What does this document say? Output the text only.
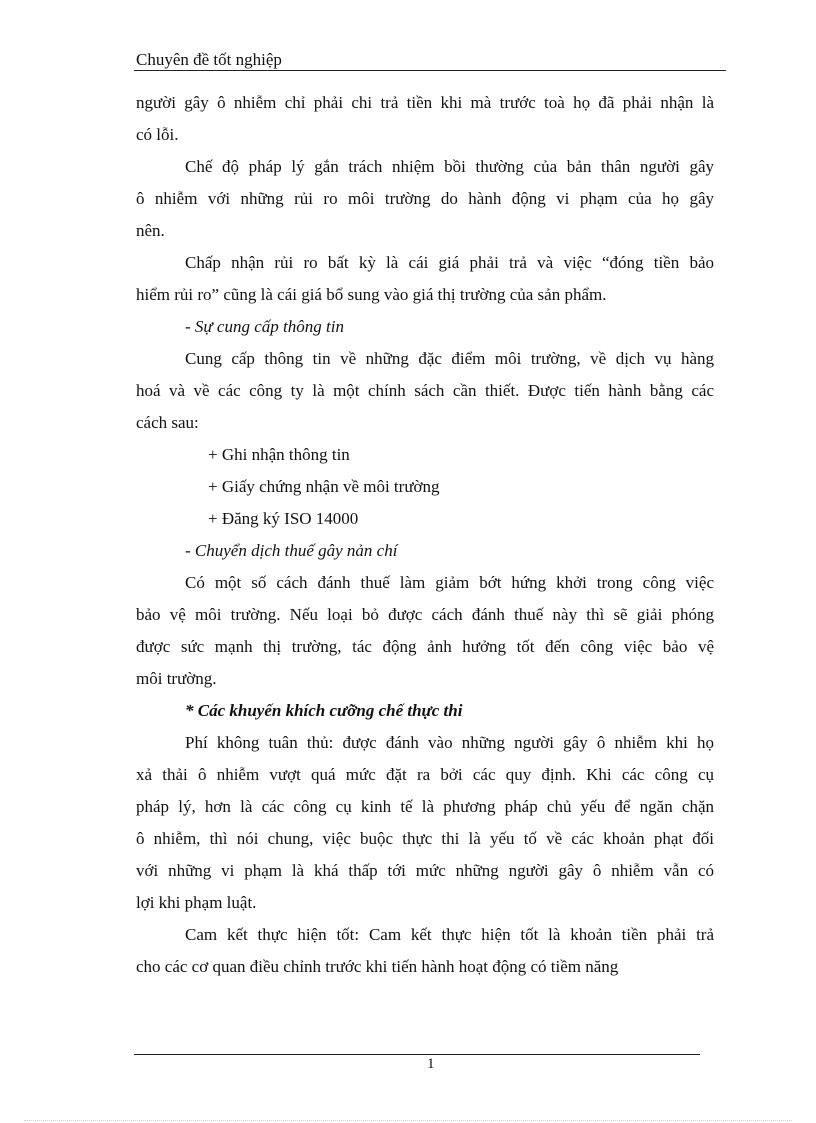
Chuyên đề tốt nghiệp
người gây ô nhiễm chỉ phải chi trả tiền khi mà trước toà họ đã phải nhận là
có lỗi.
Chế độ pháp lý gắn trách nhiệm bồi thường của bản thân người gây
ô nhiễm với những rủi ro môi trường do hành động vi phạm của họ gây
nên.
Chấp nhận rủi ro bất kỳ là cái giá phải trả và việc “đóng tiền bảo
hiểm rủi ro” cũng là cái giá bổ sung vào giá thị trường của sản phẩm.
- Sự cung cấp thông tin
Cung cấp thông tin về những đặc điểm môi trường, về dịch vụ hàng
hoá và về các công ty là một chính sách cần thiết. Được tiến hành bằng các
cách sau:
+ Ghi nhận thông tin
+ Giấy chứng nhận về môi trường
+ Đăng ký ISO 14000
- Chuyển dịch thuế gây nản chí
Có một số cách đánh thuế làm giảm bớt hứng khởi trong công việc
bảo vệ môi trường. Nếu loại bỏ được cách đánh thuế này thì sẽ giải phóng
được sức mạnh thị trường, tác động ảnh hưởng tốt đến công việc bảo vệ
môi trường.
* Các khuyến khích cưỡng chế thực thi
Phí không tuân thủ: được đánh vào những người gây ô nhiễm khi họ
xả thải ô nhiễm vượt quá mức đặt ra bởi các quy định. Khi các công cụ
pháp lý, hơn là các công cụ kinh tế là phương pháp chủ yếu để ngăn chặn
ô nhiễm, thì nói chung, việc buộc thực thi là yếu tố về các khoản phạt đối
với những vi phạm là khá thấp tới mức những người gây ô nhiễm vẫn có
lợi khi phạm luật.
Cam kết thực hiện tốt: Cam kết thực hiện tốt là khoản tiền phải trả
cho các cơ quan điều chỉnh trước khi tiến hành hoạt động có tiềm năng
1
